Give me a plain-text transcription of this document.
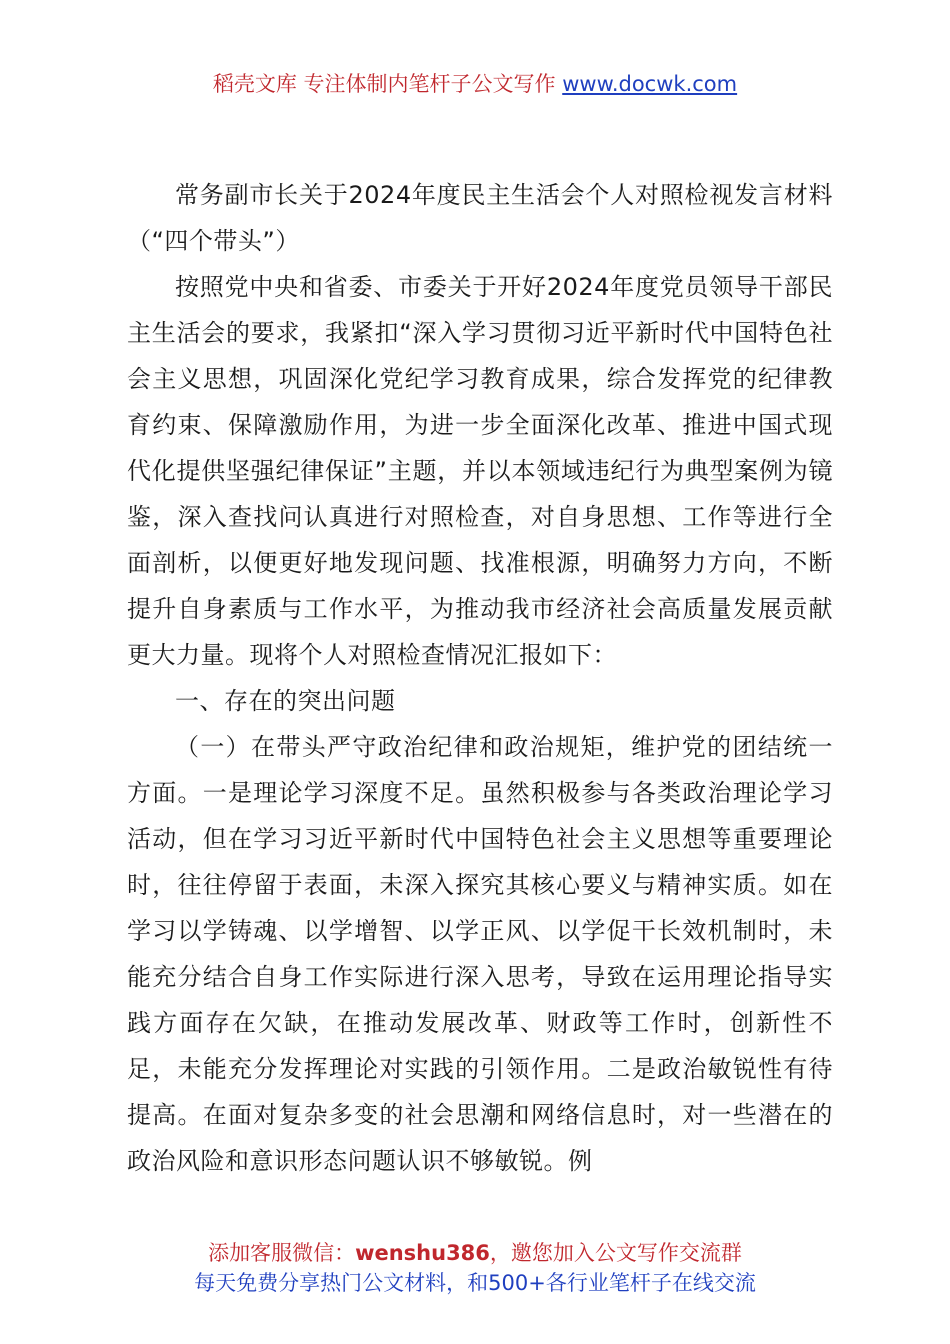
稻壳文库 专注体制内笔杆子公文写作 www.docwk.com

常务副市长关于2024年度民主生活会个人对照检视发言材料（“四个带头”）

按照党中央和省委、市委关于开好2024年度党员领导干部民主生活会的要求，我紧扣“深入学习贯彻习近平新时代中国特色社会主义思想，巩固深化党纪学习教育成果，综合发挥党的纪律教育约束、保障激励作用，为进一步全面深化改革、推进中国式现代化提供坚强纪律保证”主题，并以本领域违纪行为典型案例为镜鉴，深入查找问认真进行对照检查，对自身思想、工作等进行全面剖析，以便更好地发现问题、找准根源，明确努力方向，不断提升自身素质与工作水平，为推动我市经济社会高质量发展贡献更大力量。现将个人对照检查情况汇报如下：

一、存在的突出问题

（一）在带头严守政治纪律和政治规矩，维护党的团结统一方面。一是理论学习深度不足。虽然积极参与各类政治理论学习活动，但在学习习近平新时代中国特色社会主义思想等重要理论时，往往停留于表面，未深入探究其核心要义与精神实质。如在学习以学铸魂、以学增智、以学正风、以学促干长效机制时，未能充分结合自身工作实际进行深入思考，导致在运用理论指导实践方面存在欠缺，在推动发展改革、财政等工作时，创新性不足，未能充分发挥理论对实践的引领作用。二是政治敏锐性有待提高。在面对复杂多变的社会思潮和网络信息时，对一些潜在的政治风险和意识形态问题认识不够敏锐。例

添加客服微信：wenshu386，邀您加入公文写作交流群
每天免费分享热门公文材料，和500+各行业笔杆子在线交流
